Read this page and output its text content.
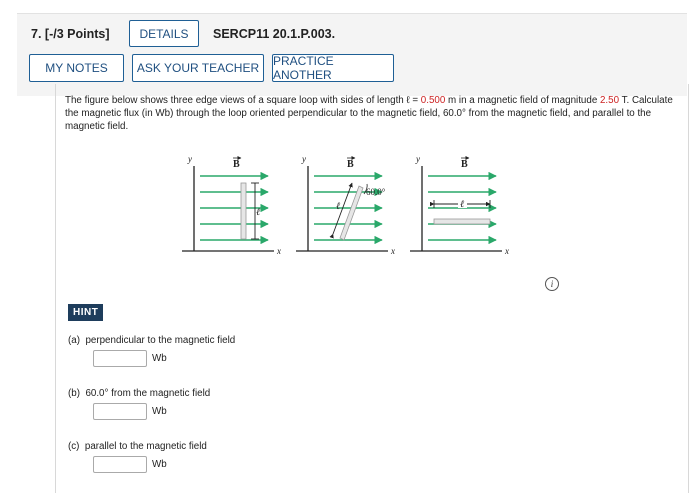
7. [-/3 Points]	DETAILS	SERCP11 20.1.P.003.
MY NOTES	ASK YOUR TEACHER	PRACTICE ANOTHER
The figure below shows three edge views of a square loop with sides of length ℓ = 0.500 m in a magnetic field of magnitude 2.50 T. Calculate the magnetic flux (in Wb) through the loop oriented perpendicular to the magnetic field, 60.0° from the magnetic field, and parallel to the magnetic field.
ℓ
B
y
x
ℓ
60.0°
B
y
x
ℓ
B
y
x
i
HINT
(a) perpendicular to the magnetic field
Wb
(b) 60.0° from the magnetic field
Wb
(c) parallel to the magnetic field
Wb
